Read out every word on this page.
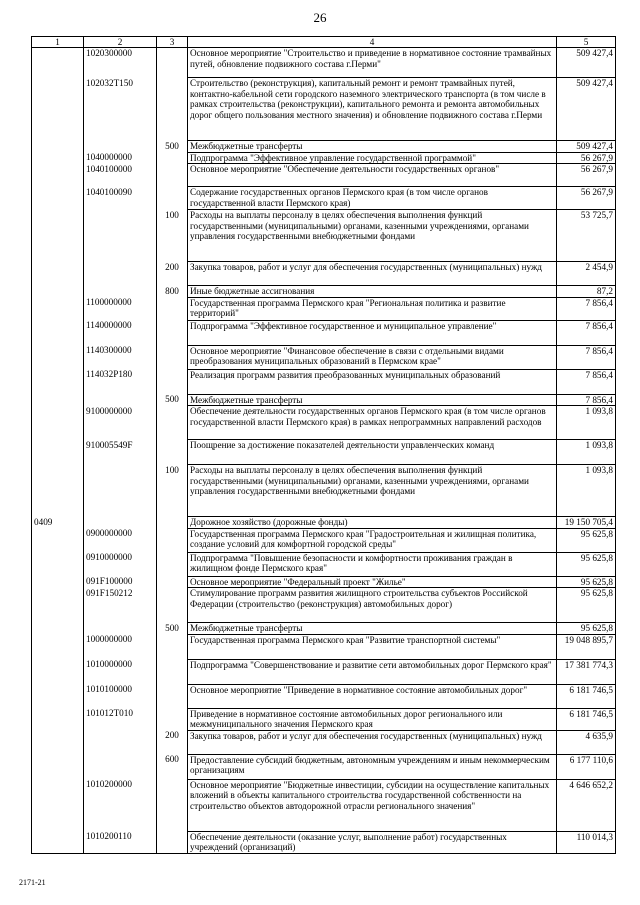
26
1	2	3	4	5
	1020300000		Основное мероприятие "Строительство и приведение в нормативное состояние трамвайных путей, обновление подвижного состава г.Перми"	509 427,4
	102032T150		Строительство (реконструкция), капитальный ремонт и ремонт трамвайных путей, контактно-кабельной сети городского наземного электрического транспорта (в том числе в рамках строительства (реконструкции), капитального ремонта и ремонта автомобильных дорог общего пользования местного значения) и обновление подвижного состава г.Перми	509 427,4
		500	Межбюджетные трансферты	509 427,4
	1040000000		Подпрограмма "Эффективное управление государственной программой"	56 267,9
	1040100000		Основное мероприятие "Обеспечение деятельности государственных органов"	56 267,9
	1040100090		Содержание государственных органов Пермского края (в том числе органов государственной власти Пермского края)	56 267,9
		100	Расходы на выплаты персоналу в целях обеспечения выполнения функций государственными (муниципальными) органами, казенными учреждениями, органами управления государственными внебюджетными фондами	53 725,7
		200	Закупка товаров, работ и услуг для обеспечения государственных (муниципальных) нужд	2 454,9
		800	Иные бюджетные ассигнования	87,2
	1100000000		Государственная программа Пермского края "Региональная политика и развитие территорий"	7 856,4
	1140000000		Подпрограмма "Эффективное государственное и муниципальное управление"	7 856,4
	1140300000		Основное мероприятие "Финансовое обеспечение в связи с отдельными видами преобразования муниципальных образований в Пермском крае"	7 856,4
	114032P180		Реализация программ развития преобразованных муниципальных образований	7 856,4
		500	Межбюджетные трансферты	7 856,4
	9100000000		Обеспечение деятельности государственных органов Пермского края (в том числе органов государственной власти Пермского края) в рамках непрограммных направлений расходов	1 093,8
	910005549F		Поощрение за достижение показателей деятельности управленческих команд	1 093,8
		100	Расходы на выплаты персоналу в целях обеспечения выполнения функций государственными (муниципальными) органами, казенными учреждениями, органами управления государственными внебюджетными фондами	1 093,8
0409			Дорожное хозяйство (дорожные фонды)	19 150 705,4
	0900000000		Государственная программа Пермского края "Градостроительная и жилищная политика, создание условий для комфортной городской среды"	95 625,8
	0910000000		Подпрограмма "Повышение безопасности и комфортности проживания граждан в жилищном фонде Пермского края"	95 625,8
	091F100000		Основное мероприятие "Федеральный проект "Жилье"	95 625,8
	091F150212		Стимулирование программ развития жилищного строительства субъектов Российской Федерации (строительство (реконструкция) автомобильных дорог)	95 625,8
		500	Межбюджетные трансферты	95 625,8
	1000000000		Государственная программа Пермского края "Развитие транспортной системы"	19 048 895,7
	1010000000		Подпрограмма "Совершенствование и развитие сети автомобильных дорог Пермского края"	17 381 774,3
	1010100000		Основное мероприятие "Приведение в нормативное состояние автомобильных дорог"	6 181 746,5
	101012T010		Приведение в нормативное состояние автомобильных дорог регионального или межмуниципального значения Пермского края	6 181 746,5
		200	Закупка товаров, работ и услуг для обеспечения государственных (муниципальных) нужд	4 635,9
		600	Предоставление субсидий бюджетным, автономным учреждениям и иным некоммерческим организациям	6 177 110,6
	1010200000		Основное мероприятие "Бюджетные инвестиции, субсидии на осуществление капитальных вложений в объекты капитального строительства государственной собственности на строительство объектов автодорожной отрасли регионального значения"	4 646 652,2
	1010200110		Обеспечение деятельности (оказание услуг, выполнение работ) государственных учреждений (организаций)	110 014,3
2171-21
